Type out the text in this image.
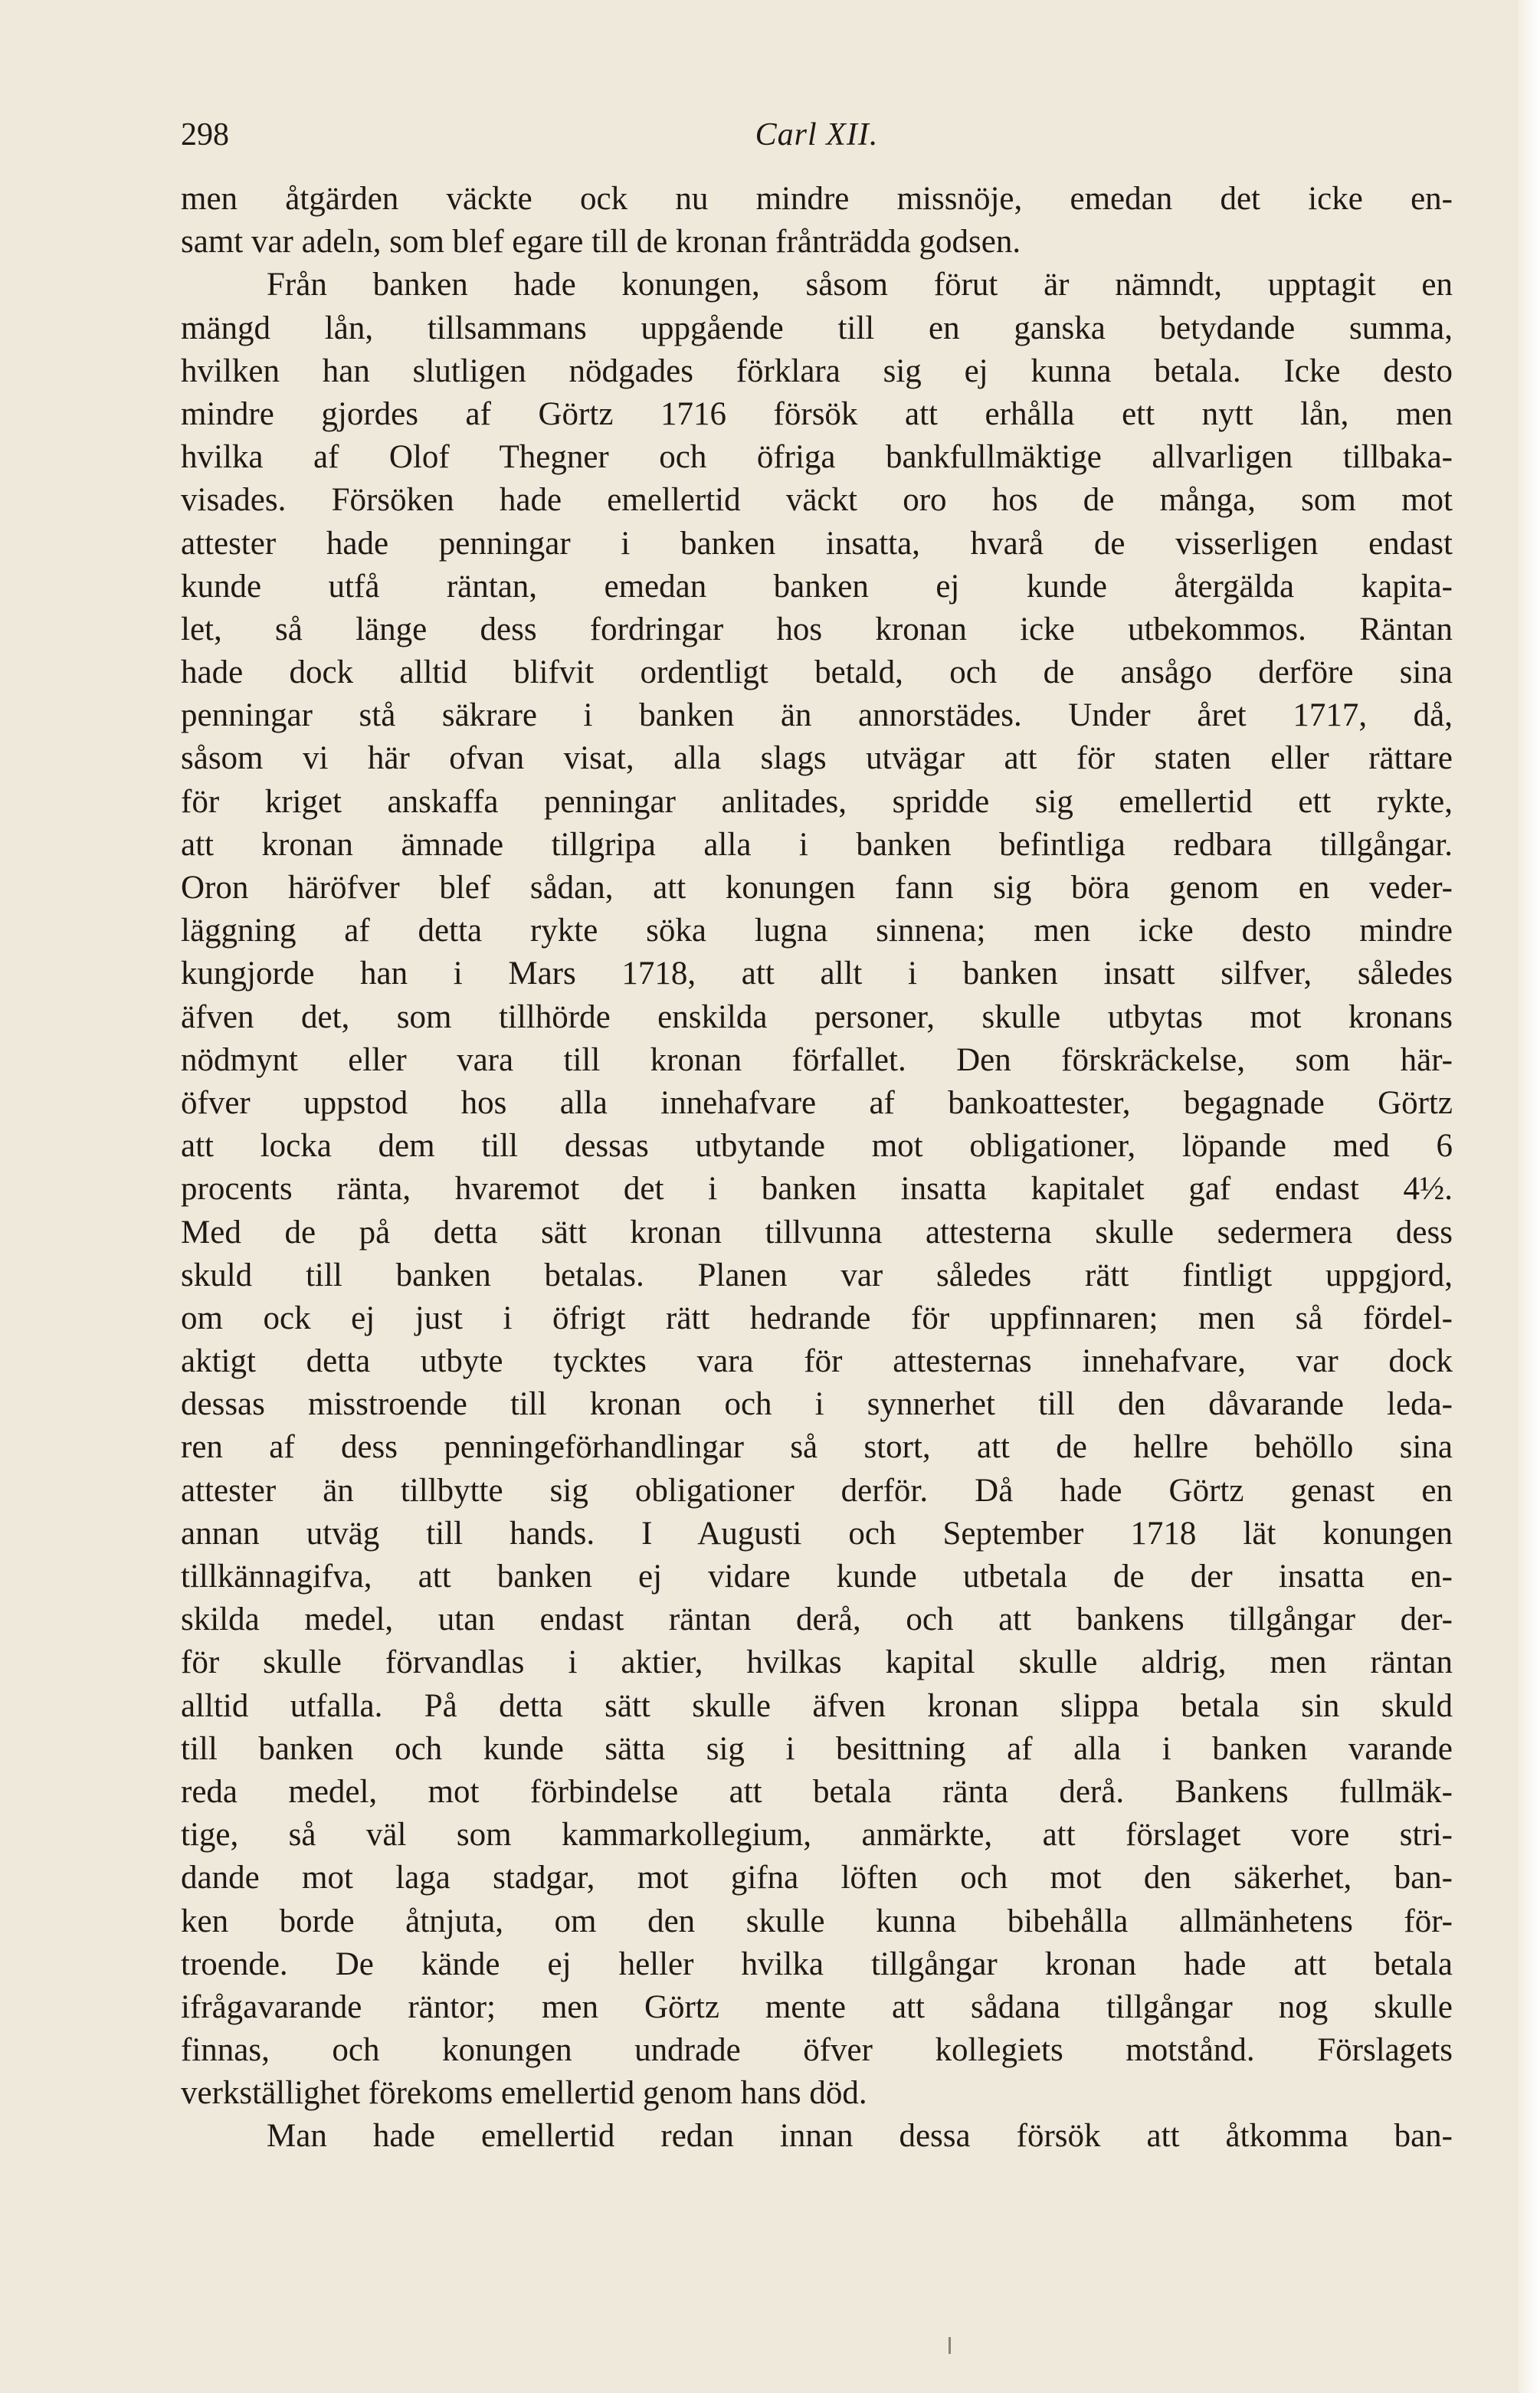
Carl XII.
298
men åtgärden väckte ock nu mindre missnöje, emedan det icke en-
samt var adeln, som blef egare till de kronan frånträdda godsen.
Från banken hade konungen, såsom förut är nämndt, upptagit en
mängd lån, tillsammans uppgående till en ganska betydande summa,
hvilken han slutligen nödgades förklara sig ej kunna betala. Icke desto
mindre gjordes af Görtz 1716 försök att erhålla ett nytt lån, men
hvilka af Olof Thegner och öfriga bankfullmäktige allvarligen tillbaka-
visades. Försöken hade emellertid väckt oro hos de många, som mot
attester hade penningar i banken insatta, hvarå de visserligen endast
kunde utfå räntan, emedan banken ej kunde återgälda kapita-
let, så länge dess fordringar hos kronan icke utbekommos. Räntan
hade dock alltid blifvit ordentligt betald, och de ansågo derföre sina
penningar stå säkrare i banken än annorstädes. Under året 1717, då,
såsom vi här ofvan visat, alla slags utvägar att för staten eller rättare
för kriget anskaffa penningar anlitades, spridde sig emellertid ett rykte,
att kronan ämnade tillgripa alla i banken befintliga redbara tillgångar.
Oron häröfver blef sådan, att konungen fann sig böra genom en veder-
läggning af detta rykte söka lugna sinnena; men icke desto mindre
kungjorde han i Mars 1718, att allt i banken insatt silfver, således
äfven det, som tillhörde enskilda personer, skulle utbytas mot kronans
nödmynt eller vara till kronan förfallet. Den förskräckelse, som här-
öfver uppstod hos alla innehafvare af bankoattester, begagnade Görtz
att locka dem till dessas utbytande mot obligationer, löpande med 6
procents ränta, hvaremot det i banken insatta kapitalet gaf endast 4½.
Med de på detta sätt kronan tillvunna attesterna skulle sedermera dess
skuld till banken betalas. Planen var således rätt fintligt uppgjord,
om ock ej just i öfrigt rätt hedrande för uppfinnaren; men så fördel-
aktigt detta utbyte tycktes vara för attesternas innehafvare, var dock
dessas misstroende till kronan och i synnerhet till den dåvarande leda-
ren af dess penningeförhandlingar så stort, att de hellre behöllo sina
attester än tillbytte sig obligationer derför. Då hade Görtz genast en
annan utväg till hands. I Augusti och September 1718 lät konungen
tillkännagifva, att banken ej vidare kunde utbetala de der insatta en-
skilda medel, utan endast räntan derå, och att bankens tillgångar der-
för skulle förvandlas i aktier, hvilkas kapital skulle aldrig, men räntan
alltid utfalla. På detta sätt skulle äfven kronan slippa betala sin skuld
till banken och kunde sätta sig i besittning af alla i banken varande
reda medel, mot förbindelse att betala ränta derå. Bankens fullmäk-
tige, så väl som kammarkollegium, anmärkte, att förslaget vore stri-
dande mot laga stadgar, mot gifna löften och mot den säkerhet, ban-
ken borde åtnjuta, om den skulle kunna bibehålla allmänhetens för-
troende. De kände ej heller hvilka tillgångar kronan hade att betala
ifrågavarande räntor; men Görtz mente att sådana tillgångar nog skulle
finnas, och konungen undrade öfver kollegiets motstånd. Förslagets
verkställighet förekoms emellertid genom hans död.
Man hade emellertid redan innan dessa försök att åtkomma ban-
